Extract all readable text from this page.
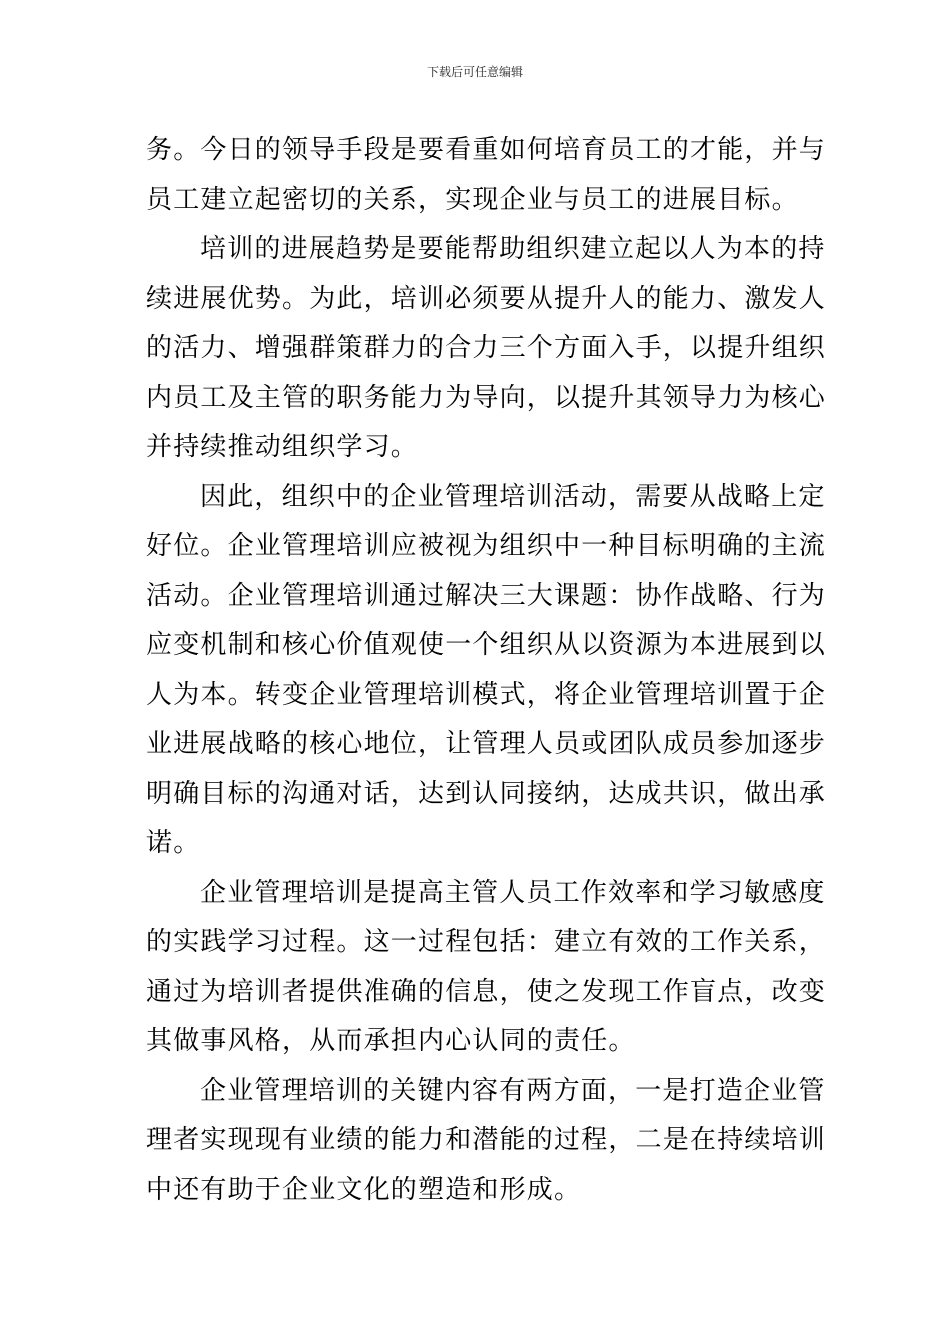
下载后可任意编辑
务。今日的领导手段是要看重如何培育员工的才能，并与
员工建立起密切的关系，实现企业与员工的进展目标。
培训的进展趋势是要能帮助组织建立起以人为本的持
续进展优势。为此，培训必须要从提升人的能力、激发人
的活力、增强群策群力的合力三个方面入手，以提升组织
内员工及主管的职务能力为导向，以提升其领导力为核心
并持续推动组织学习。
因此，组织中的企业管理培训活动，需要从战略上定
好位。企业管理培训应被视为组织中一种目标明确的主流
活动。企业管理培训通过解决三大课题：协作战略、行为
应变机制和核心价值观使一个组织从以资源为本进展到以
人为本。转变企业管理培训模式，将企业管理培训置于企
业进展战略的核心地位，让管理人员或团队成员参加逐步
明确目标的沟通对话，达到认同接纳，达成共识，做出承
诺。
企业管理培训是提高主管人员工作效率和学习敏感度
的实践学习过程。这一过程包括：建立有效的工作关系，
通过为培训者提供准确的信息，使之发现工作盲点，改变
其做事风格，从而承担内心认同的责任。
企业管理培训的关键内容有两方面，一是打造企业管
理者实现现有业绩的能力和潜能的过程，二是在持续培训
中还有助于企业文化的塑造和形成。
